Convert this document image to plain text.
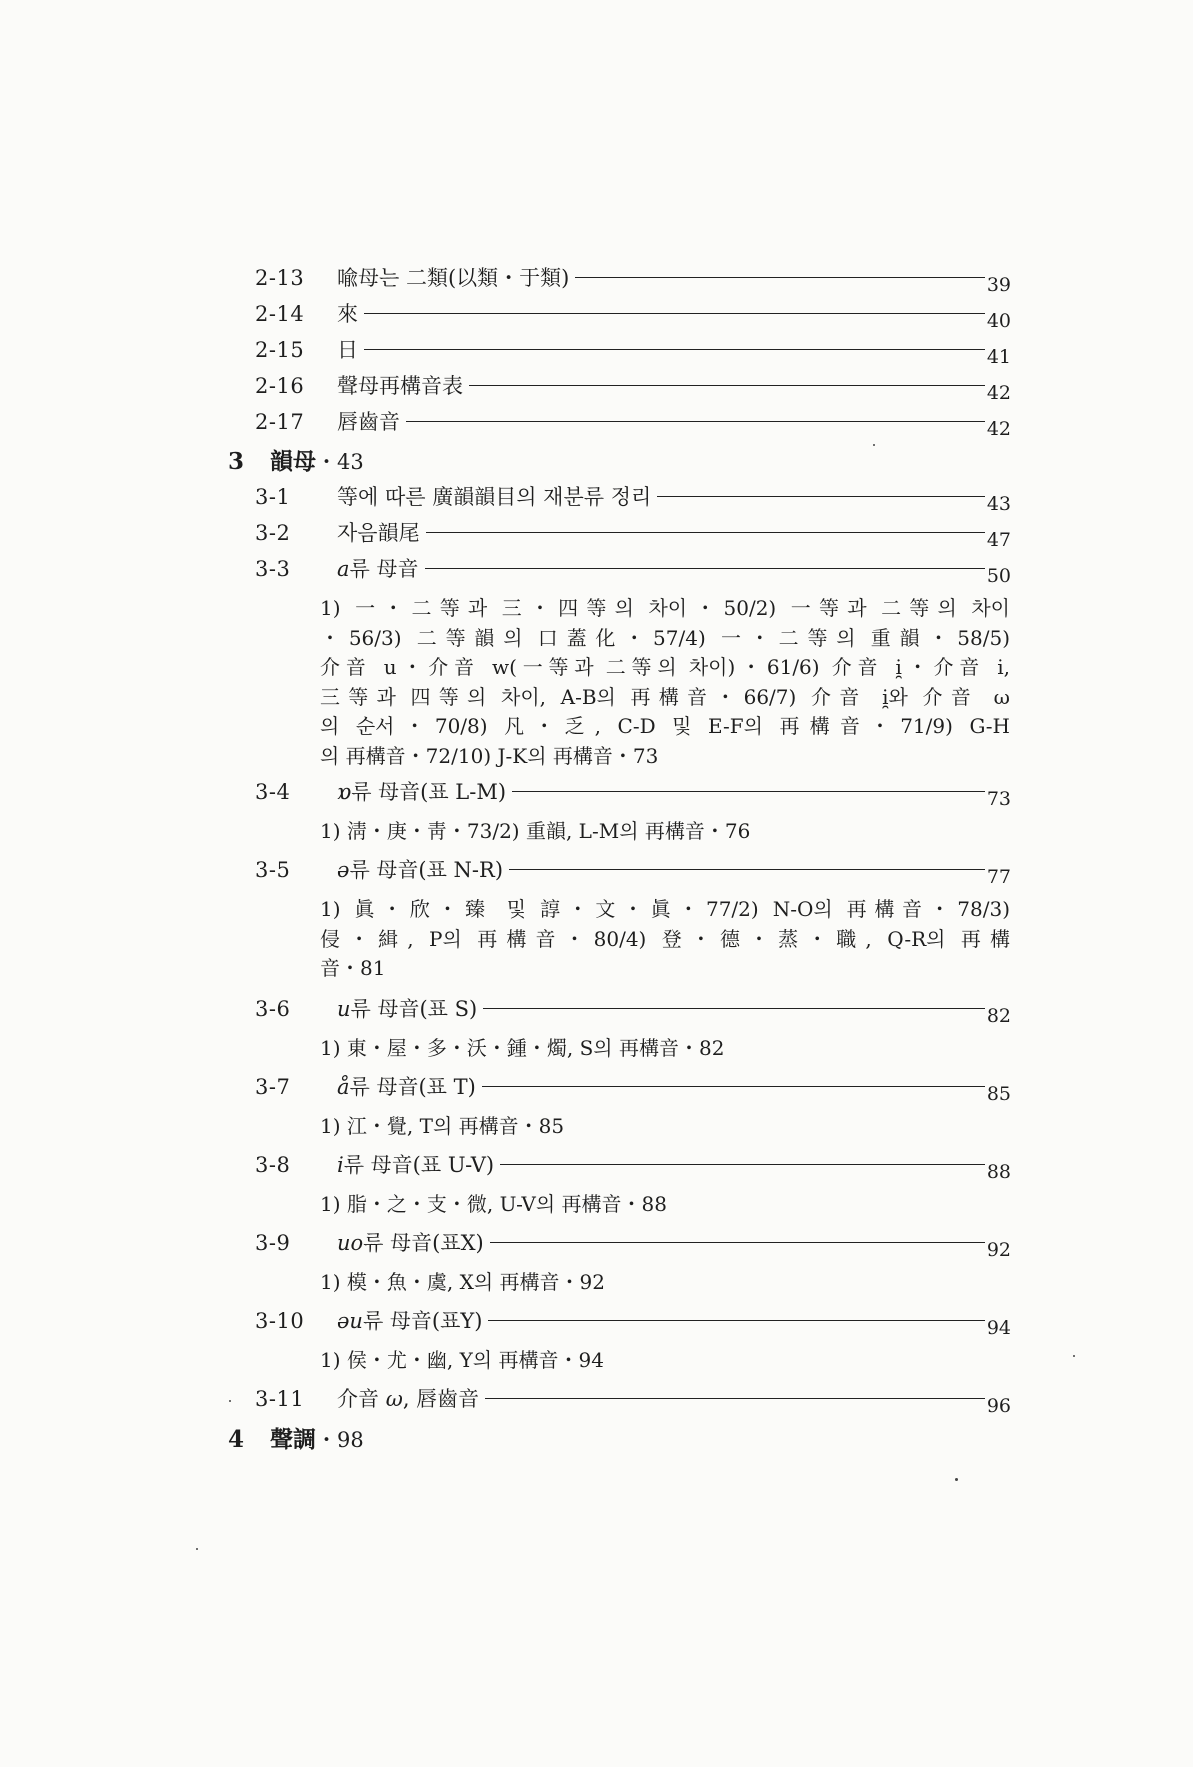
2-13	喩母는 二類(以類・于類)	39
2-14	來	40
2-15	日	41
2-16	聲母再構音表	42
2-17	唇齒音	42
3	韻母 ・43
3-1	等에 따른 廣韻韻目의 재분류 정리	43
3-2	자음韻尾	47
3-3	a류 母音	50
1) 一・二等과 三・四等의 차이・50/2) 一等과 二等의 차이
・56/3) 二等韻의 口蓋化・57/4) 一・二等의 重韻・58/5)
介音 u・介音 w(一等과 二等의 차이)・61/6) 介音 i̯・介音 i,
三等과 四等의 차이, A-B의 再構音・66/7) 介音 i̯와 介音 ω
의 순서・70/8) 凡・乏, C-D 및 E-F의 再構音・71/9) G-H
의 再構音・72/10) J-K의 再構音・73
3-4	ɒ류 母音(표 L-M)	73
1) 淸・庚・靑・73/2) 重韻, L-M의 再構音・76
3-5	ə류 母音(표 N-R)	77
1) 眞・欣・臻 및 諄・文・眞・77/2) N-O의 再構音・78/3)
侵・緝, P의 再構音・80/4) 登・德・蒸・職, Q-R의 再構
音・81
3-6	u류 母音(표 S)	82
1) 東・屋・多・沃・鍾・燭, S의 再構音・82
3-7	å류 母音(표 T)	85
1) 江・覺, T의 再構音・85
3-8	i류 母音(표 U-V)	88
1) 脂・之・支・微, U-V의 再構音・88
3-9	uo류 母音(표X)	92
1) 模・魚・虞, X의 再構音・92
3-10	əu류 母音(표Y)	94
1) 侯・尤・幽, Y의 再構音・94
3-11	介音 ω, 唇齒音	96
4	聲調 ・98
